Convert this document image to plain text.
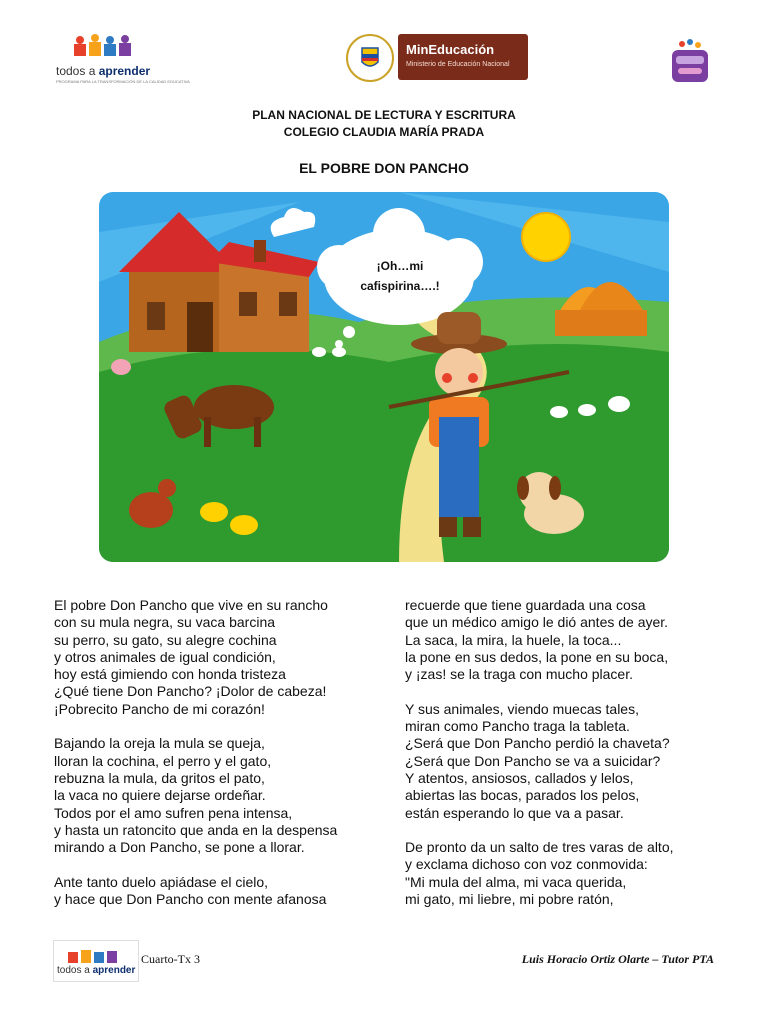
todos a aprender
PROGRAMA PARA LA TRANSFORMACIÓN DE LA CALIDAD EDUCATIVA
MinEducación
Ministerio de Educación Nacional
PLAN NACIONAL DE LECTURA Y ESCRITURA
COLEGIO CLAUDIA MARÍA PRADA
EL POBRE DON PANCHO
¡Oh…mi
cafispirina….!

El pobre Don Pancho que vive en su rancho
con su mula negra, su vaca barcina
su perro, su gato, su alegre cochina
y otros animales de igual condición,
hoy está gimiendo con honda tristeza
¿Qué tiene Don Pancho? ¡Dolor de cabeza!
¡Pobrecito Pancho de mi corazón!

Bajando la oreja la mula se queja,
lloran la cochina, el perro y el gato,
rebuzna la mula, da gritos el pato,
la vaca no quiere dejarse ordeñar.
Todos por el amo sufren pena intensa,
y hasta un ratoncito que anda en la despensa
mirando a Don Pancho, se pone a llorar.

Ante tanto duelo apiádase el cielo,
y hace que Don Pancho con mente afanosa

recuerde que tiene guardada una cosa
que un médico amigo le dió antes de ayer.
La saca, la mira, la huele, la toca...
la pone en sus dedos, la pone en su boca,
y ¡zas! se la traga con mucho placer.

Y sus animales, viendo muecas tales,
miran como Pancho traga la tableta.
¿Será que Don Pancho perdió la chaveta?
¿Será que Don Pancho se va a suicidar?
Y atentos, ansiosos, callados y lelos,
abiertas las bocas, parados los pelos,
están esperando lo que va a pasar.

De pronto da un salto de tres varas de alto,
y exclama dichoso con voz conmovida:
"Mi mula del alma, mi vaca querida,
mi gato, mi liebre, mi pobre ratón,

todos a aprender
Cuarto-Tx 3	Luis Horacio Ortiz Olarte – Tutor PTA
